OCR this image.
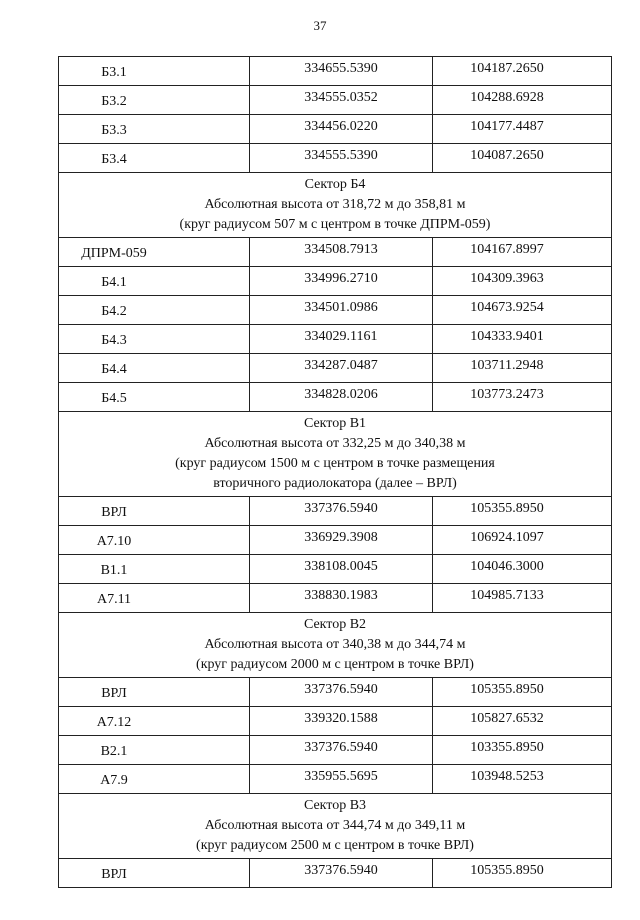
37
Б3.1	334655.5390	104187.2650
Б3.2	334555.0352	104288.6928
Б3.3	334456.0220	104177.4487
Б3.4	334555.5390	104087.2650
Сектор Б4
Абсолютная высота от 318,72 м до 358,81 м
(круг радиусом 507 м с центром в точке ДПРМ-059)
ДПРМ-059	334508.7913	104167.8997
Б4.1	334996.2710	104309.3963
Б4.2	334501.0986	104673.9254
Б4.3	334029.1161	104333.9401
Б4.4	334287.0487	103711.2948
Б4.5	334828.0206	103773.2473
Сектор В1
Абсолютная высота от 332,25 м до 340,38 м
(круг радиусом 1500 м с центром в точке размещения
вторичного радиолокатора (далее – ВРЛ)
ВРЛ	337376.5940	105355.8950
А7.10	336929.3908	106924.1097
В1.1	338108.0045	104046.3000
А7.11	338830.1983	104985.7133
Сектор В2
Абсолютная высота от 340,38 м до 344,74 м
(круг радиусом 2000 м с центром в точке ВРЛ)
ВРЛ	337376.5940	105355.8950
А7.12	339320.1588	105827.6532
В2.1	337376.5940	103355.8950
А7.9	335955.5695	103948.5253
Сектор В3
Абсолютная высота от 344,74 м до 349,11 м
(круг радиусом 2500 м с центром в точке ВРЛ)
ВРЛ	337376.5940	105355.8950
